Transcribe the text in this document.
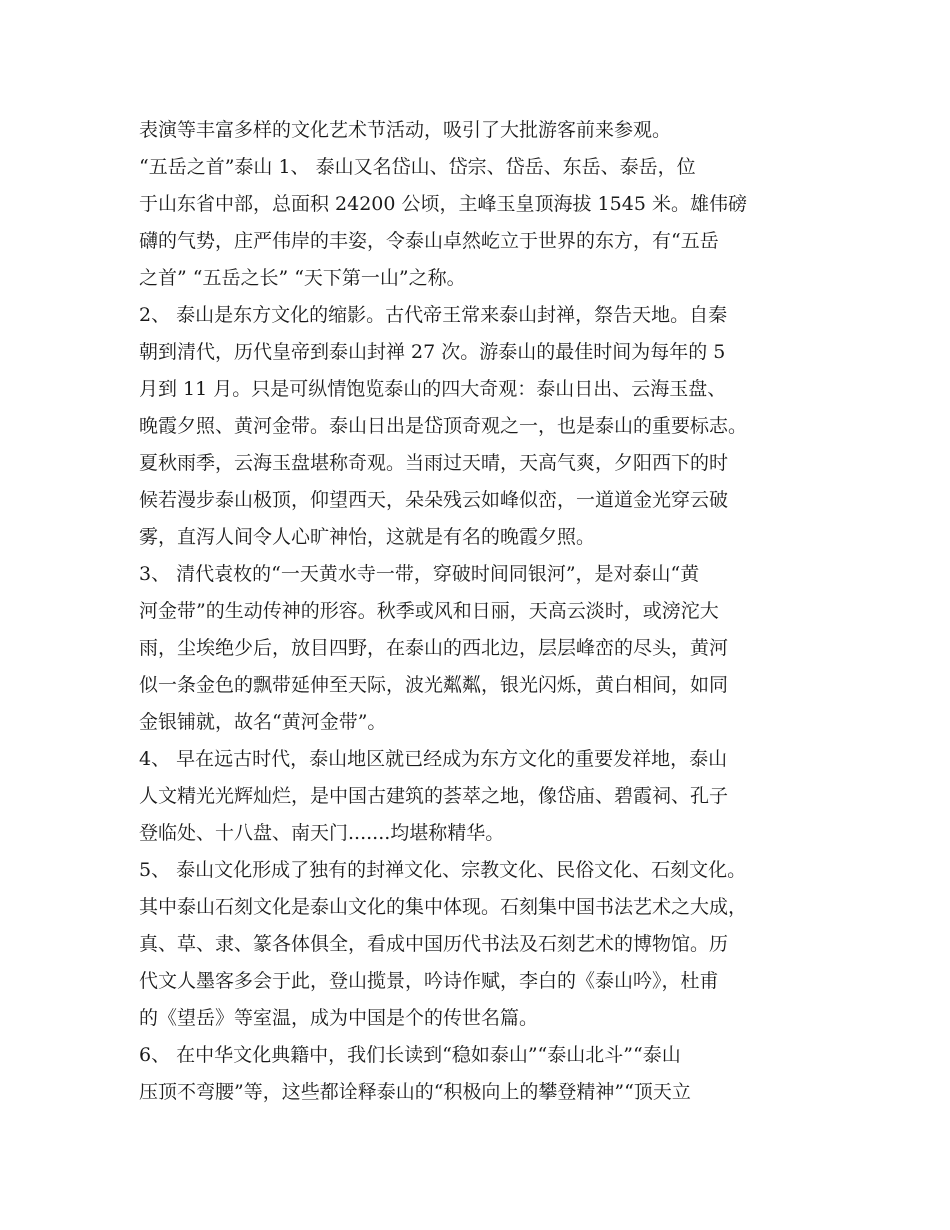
表演等丰富多样的文化艺术节活动，吸引了大批游客前来参观。
“五岳之首”泰山 1、 泰山又名岱山、岱宗、岱岳、东岳、泰岳，位
于山东省中部，总面积 24200 公顷，主峰玉皇顶海拔 1545 米。雄伟磅
礴的气势，庄严伟岸的丰姿，令泰山卓然屹立于世界的东方，有“五岳
之首” “五岳之长” “天下第一山”之称。
2、 泰山是东方文化的缩影。古代帝王常来泰山封禅，祭告天地。自秦
朝到清代，历代皇帝到泰山封禅 27 次。游泰山的最佳时间为每年的 5
月到 11 月。只是可纵情饱览泰山的四大奇观：泰山日出、云海玉盘、
晚霞夕照、黄河金带。泰山日出是岱顶奇观之一，也是泰山的重要标志。
夏秋雨季，云海玉盘堪称奇观。当雨过天晴，天高气爽，夕阳西下的时
候若漫步泰山极顶，仰望西天，朵朵残云如峰似峦，一道道金光穿云破
雾，直泻人间令人心旷神怡，这就是有名的晚霞夕照。
3、 清代袁枚的“一天黄水寺一带，穿破时间同银河”，是对泰山“黄
河金带”的生动传神的形容。秋季或风和日丽，天高云淡时，或滂沱大
雨，尘埃绝少后，放目四野，在泰山的西北边，层层峰峦的尽头，黄河
似一条金色的飘带延伸至天际，波光粼粼，银光闪烁，黄白相间，如同
金银铺就，故名“黄河金带”。
4、 早在远古时代，泰山地区就已经成为东方文化的重要发祥地，泰山
人文精光光辉灿烂，是中国古建筑的荟萃之地，像岱庙、碧霞祠、孔子
登临处、十八盘、南天门.......均堪称精华。
5、 泰山文化形成了独有的封禅文化、宗教文化、民俗文化、石刻文化。
其中泰山石刻文化是泰山文化的集中体现。石刻集中国书法艺术之大成，
真、草、隶、篆各体俱全，看成中国历代书法及石刻艺术的博物馆。历
代文人墨客多会于此，登山揽景，吟诗作赋，李白的《泰山吟》，杜甫
的《望岳》等室温，成为中国是个的传世名篇。
6、 在中华文化典籍中，我们长读到“稳如泰山”“泰山北斗”“泰山
压顶不弯腰”等，这些都诠释泰山的“积极向上的攀登精神”“顶天立
